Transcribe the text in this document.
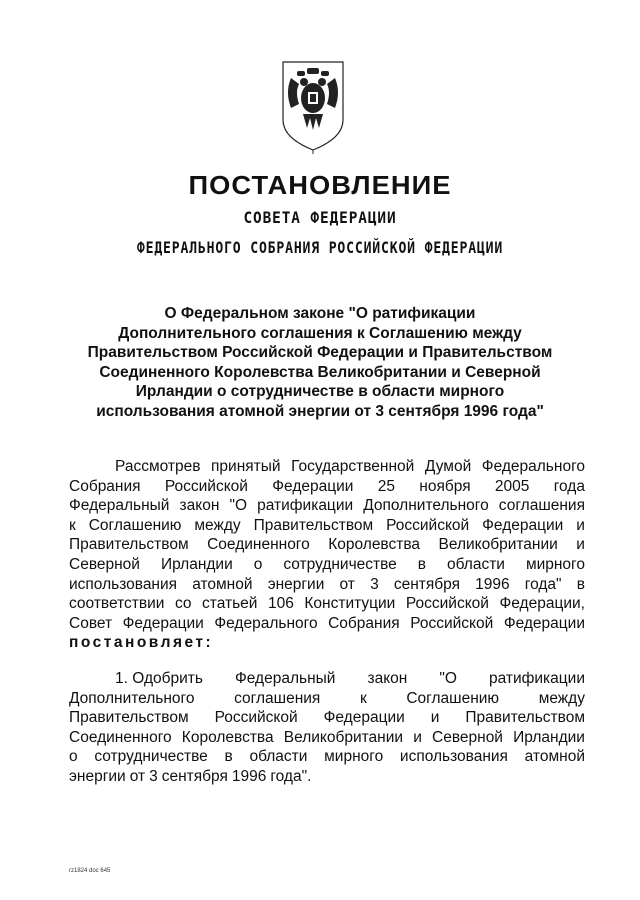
ПОСТАНОВЛЕНИЕ
СОВЕТА ФЕДЕРАЦИИ
ФЕДЕРАЛЬНОГО СОБРАНИЯ РОССИЙСКОЙ ФЕДЕРАЦИИ
О Федеральном законе "О ратификации
Дополнительного соглашения к Соглашению между
Правительством Российской Федерации и Правительством
Соединенного Королевства Великобритании и Северной
Ирландии о сотрудничестве в области мирного
использования атомной энергии от 3 сентября 1996 года"
Рассмотрев принятый Государственной Думой Федерального
Собрания Российской Федерации 25 ноября 2005 года
Федеральный закон "О ратификации Дополнительного соглашения
к Соглашению между Правительством Российской Федерации и
Правительством Соединенного Королевства Великобритании и
Северной Ирландии о сотрудничестве в области мирного
использования атомной энергии от 3 сентября 1996 года" в
соответствии со статьей 106 Конституции Российской Федерации,
Совет Федерации Федерального Собрания Российской Федерации
постановляет:
1. Одобрить Федеральный закон "О ратификации
Дополнительного	соглашения	к	Соглашению	между
Правительством Российской Федерации и Правительством
Соединенного Королевства Великобритании и Северной Ирландии
о сотрудничестве в области мирного использования атомной
энергии от 3 сентября 1996 года".
rz1824 doc 645
